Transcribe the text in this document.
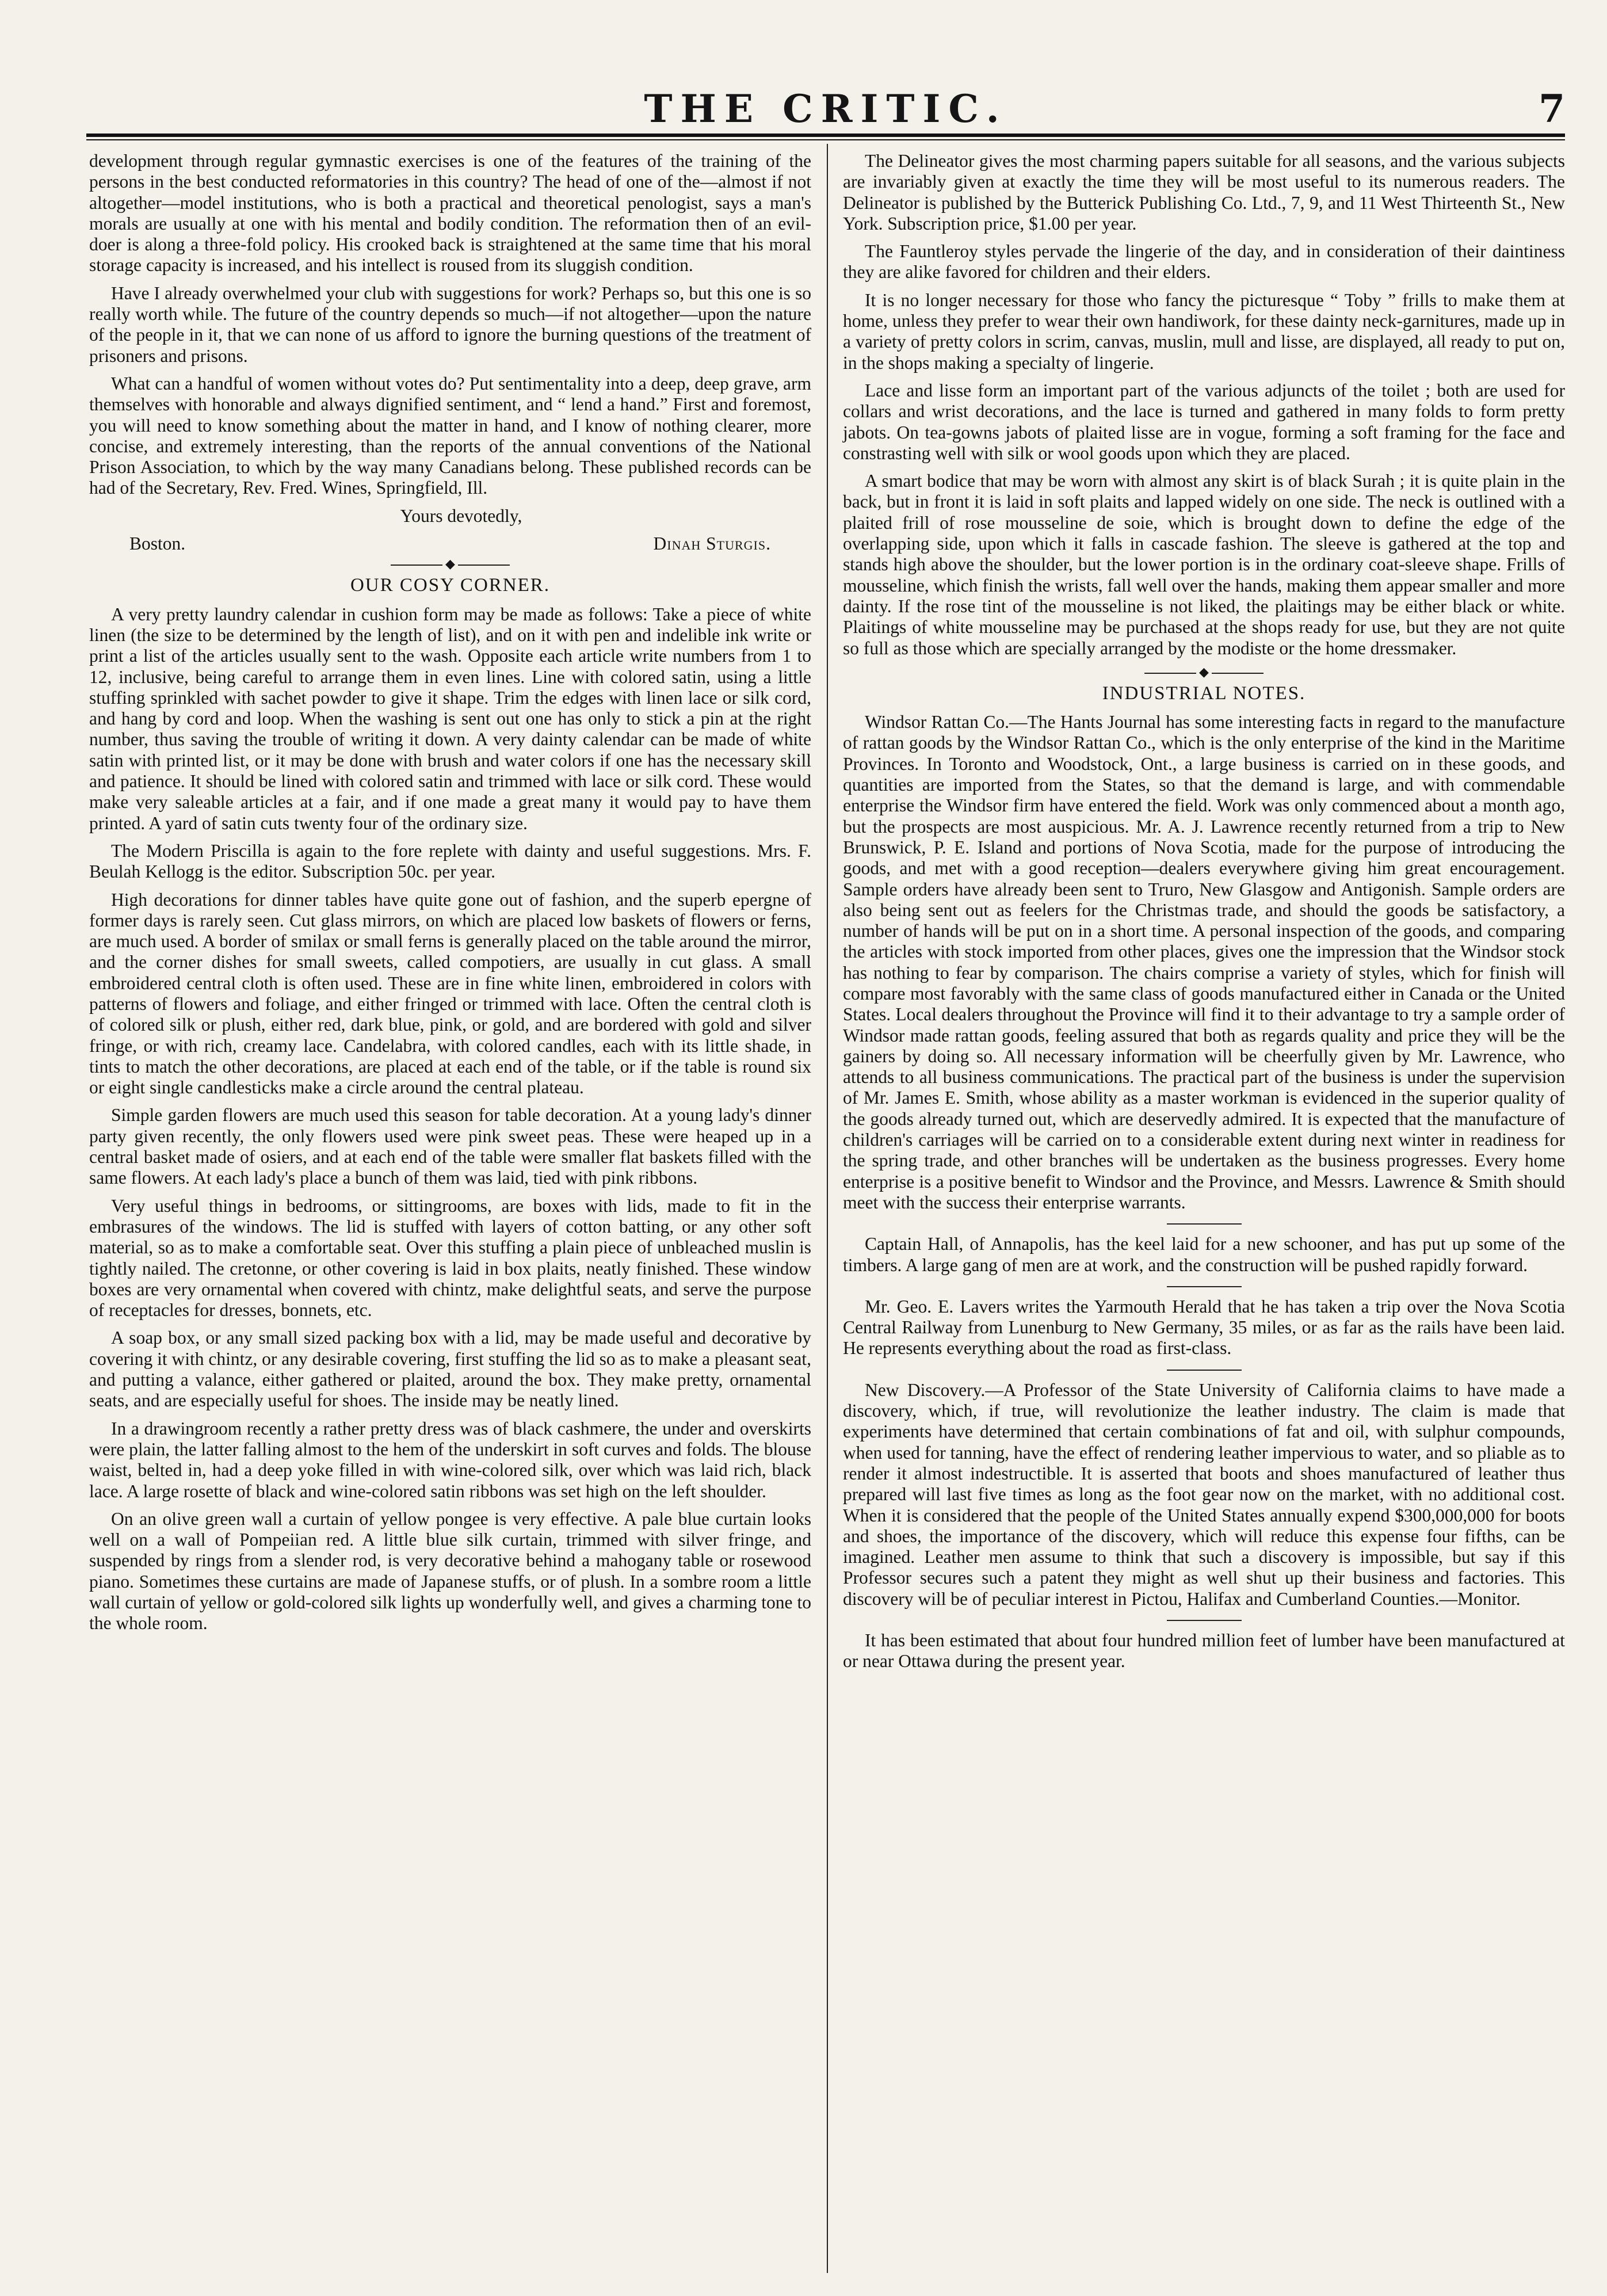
THE CRITIC.	7

development through regular gymnastic exercises is one of the features of the training of the persons in the best conducted reformatories in this country? The head of one of the—almost if not altogether—model institutions, who is both a practical and theoretical penologist, says a man's morals are usually at one with his mental and bodily condition. The reformation then of an evil-doer is along a three-fold policy. His crooked back is straightened at the same time that his moral storage capacity is increased, and his intellect is roused from its sluggish condition.

Have I already overwhelmed your club with suggestions for work? Perhaps so, but this one is so really worth while. The future of the country depends so much—if not altogether—upon the nature of the people in it, that we can none of us afford to ignore the burning questions of the treatment of prisoners and prisons.

What can a handful of women without votes do? Put sentimentality into a deep, deep grave, arm themselves with honorable and always dignified sentiment, and “ lend a hand.” First and foremost, you will need to know something about the matter in hand, and I know of nothing clearer, more concise, and extremely interesting, than the reports of the annual conventions of the National Prison Association, to which by the way many Canadians belong. These published records can be had of the Secretary, Rev. Fred. Wines, Springfield, Ill.

Yours devotedly,

Boston.	Dinah Sturgis.
◆
OUR COSY CORNER.

A very pretty laundry calendar in cushion form may be made as follows: Take a piece of white linen (the size to be determined by the length of list), and on it with pen and indelible ink write or print a list of the articles usually sent to the wash. Opposite each article write numbers from 1 to 12, inclusive, being careful to arrange them in even lines. Line with colored satin, using a little stuffing sprinkled with sachet powder to give it shape. Trim the edges with linen lace or silk cord, and hang by cord and loop. When the washing is sent out one has only to stick a pin at the right number, thus saving the trouble of writing it down. A very dainty calendar can be made of white satin with printed list, or it may be done with brush and water colors if one has the necessary skill and patience. It should be lined with colored satin and trimmed with lace or silk cord. These would make very saleable articles at a fair, and if one made a great many it would pay to have them printed. A yard of satin cuts twenty four of the ordinary size.

The Modern Priscilla is again to the fore replete with dainty and useful suggestions. Mrs. F. Beulah Kellogg is the editor. Subscription 50c. per year.

High decorations for dinner tables have quite gone out of fashion, and the superb epergne of former days is rarely seen. Cut glass mirrors, on which are placed low baskets of flowers or ferns, are much used. A border of smilax or small ferns is generally placed on the table around the mirror, and the corner dishes for small sweets, called compotiers, are usually in cut glass. A small embroidered central cloth is often used. These are in fine white linen, embroidered in colors with patterns of flowers and foliage, and either fringed or trimmed with lace. Often the central cloth is of colored silk or plush, either red, dark blue, pink, or gold, and are bordered with gold and silver fringe, or with rich, creamy lace. Candelabra, with colored candles, each with its little shade, in tints to match the other decorations, are placed at each end of the table, or if the table is round six or eight single candlesticks make a circle around the central plateau.

Simple garden flowers are much used this season for table decoration. At a young lady's dinner party given recently, the only flowers used were pink sweet peas. These were heaped up in a central basket made of osiers, and at each end of the table were smaller flat baskets filled with the same flowers. At each lady's place a bunch of them was laid, tied with pink ribbons.

Very useful things in bedrooms, or sittingrooms, are boxes with lids, made to fit in the embrasures of the windows. The lid is stuffed with layers of cotton batting, or any other soft material, so as to make a comfortable seat. Over this stuffing a plain piece of unbleached muslin is tightly nailed. The cretonne, or other covering is laid in box plaits, neatly finished. These window boxes are very ornamental when covered with chintz, make delightful seats, and serve the purpose of receptacles for dresses, bonnets, etc.

A soap box, or any small sized packing box with a lid, may be made useful and decorative by covering it with chintz, or any desirable covering, first stuffing the lid so as to make a pleasant seat, and putting a valance, either gathered or plaited, around the box. They make pretty, ornamental seats, and are especially useful for shoes. The inside may be neatly lined.

In a drawingroom recently a rather pretty dress was of black cashmere, the under and overskirts were plain, the latter falling almost to the hem of the underskirt in soft curves and folds. The blouse waist, belted in, had a deep yoke filled in with wine-colored silk, over which was laid rich, black lace. A large rosette of black and wine-colored satin ribbons was set high on the left shoulder.

On an olive green wall a curtain of yellow pongee is very effective. A pale blue curtain looks well on a wall of Pompeiian red. A little blue silk curtain, trimmed with silver fringe, and suspended by rings from a slender rod, is very decorative behind a mahogany table or rosewood piano. Sometimes these curtains are made of Japanese stuffs, or of plush. In a sombre room a little wall curtain of yellow or gold-colored silk lights up wonderfully well, and gives a charming tone to the whole room.

The Delineator gives the most charming papers suitable for all seasons, and the various subjects are invariably given at exactly the time they will be most useful to its numerous readers. The Delineator is published by the Butterick Publishing Co. Ltd., 7, 9, and 11 West Thirteenth St., New York. Subscription price, $1.00 per year.

The Fauntleroy styles pervade the lingerie of the day, and in consideration of their daintiness they are alike favored for children and their elders.

It is no longer necessary for those who fancy the picturesque “ Toby ” frills to make them at home, unless they prefer to wear their own handiwork, for these dainty neck-garnitures, made up in a variety of pretty colors in scrim, canvas, muslin, mull and lisse, are displayed, all ready to put on, in the shops making a specialty of lingerie.

Lace and lisse form an important part of the various adjuncts of the toilet ; both are used for collars and wrist decorations, and the lace is turned and gathered in many folds to form pretty jabots. On tea-gowns jabots of plaited lisse are in vogue, forming a soft framing for the face and constrasting well with silk or wool goods upon which they are placed.

A smart bodice that may be worn with almost any skirt is of black Surah ; it is quite plain in the back, but in front it is laid in soft plaits and lapped widely on one side. The neck is outlined with a plaited frill of rose mousseline de soie, which is brought down to define the edge of the overlapping side, upon which it falls in cascade fashion. The sleeve is gathered at the top and stands high above the shoulder, but the lower portion is in the ordinary coat-sleeve shape. Frills of mousseline, which finish the wrists, fall well over the hands, making them appear smaller and more dainty. If the rose tint of the mousseline is not liked, the plaitings may be either black or white. Plaitings of white mousseline may be purchased at the shops ready for use, but they are not quite so full as those which are specially arranged by the modiste or the home dressmaker.

◆
INDUSTRIAL NOTES.

Windsor Rattan Co.—The Hants Journal has some interesting facts in regard to the manufacture of rattan goods by the Windsor Rattan Co., which is the only enterprise of the kind in the Maritime Provinces. In Toronto and Woodstock, Ont., a large business is carried on in these goods, and quantities are imported from the States, so that the demand is large, and with commendable enterprise the Windsor firm have entered the field. Work was only commenced about a month ago, but the prospects are most auspicious. Mr. A. J. Lawrence recently returned from a trip to New Brunswick, P. E. Island and portions of Nova Scotia, made for the purpose of introducing the goods, and met with a good reception—dealers everywhere giving him great encouragement. Sample orders have already been sent to Truro, New Glasgow and Antigonish. Sample orders are also being sent out as feelers for the Christmas trade, and should the goods be satisfactory, a number of hands will be put on in a short time. A personal inspection of the goods, and comparing the articles with stock imported from other places, gives one the impression that the Windsor stock has nothing to fear by comparison. The chairs comprise a variety of styles, which for finish will compare most favorably with the same class of goods manufactured either in Canada or the United States. Local dealers throughout the Province will find it to their advantage to try a sample order of Windsor made rattan goods, feeling assured that both as regards quality and price they will be the gainers by doing so. All necessary information will be cheerfully given by Mr. Lawrence, who attends to all business communications. The practical part of the business is under the supervision of Mr. James E. Smith, whose ability as a master workman is evidenced in the superior quality of the goods already turned out, which are deservedly admired. It is expected that the manufacture of children's carriages will be carried on to a considerable extent during next winter in readiness for the spring trade, and other branches will be undertaken as the business progresses. Every home enterprise is a positive benefit to Windsor and the Province, and Messrs. Lawrence & Smith should meet with the success their enterprise warrants.

Captain Hall, of Annapolis, has the keel laid for a new schooner, and has put up some of the timbers. A large gang of men are at work, and the construction will be pushed rapidly forward.

Mr. Geo. E. Lavers writes the Yarmouth Herald that he has taken a trip over the Nova Scotia Central Railway from Lunenburg to New Germany, 35 miles, or as far as the rails have been laid. He represents everything about the road as first-class.

New Discovery.—A Professor of the State University of California claims to have made a discovery, which, if true, will revolutionize the leather industry. The claim is made that experiments have determined that certain combinations of fat and oil, with sulphur compounds, when used for tanning, have the effect of rendering leather impervious to water, and so pliable as to render it almost indestructible. It is asserted that boots and shoes manufactured of leather thus prepared will last five times as long as the foot gear now on the market, with no additional cost. When it is considered that the people of the United States annually expend $300,000,000 for boots and shoes, the importance of the discovery, which will reduce this expense four fifths, can be imagined. Leather men assume to think that such a discovery is impossible, but say if this Professor secures such a patent they might as well shut up their business and factories. This discovery will be of peculiar interest in Pictou, Halifax and Cumberland Counties.—Monitor.

It has been estimated that about four hundred million feet of lumber have been manufactured at or near Ottawa during the present year.
